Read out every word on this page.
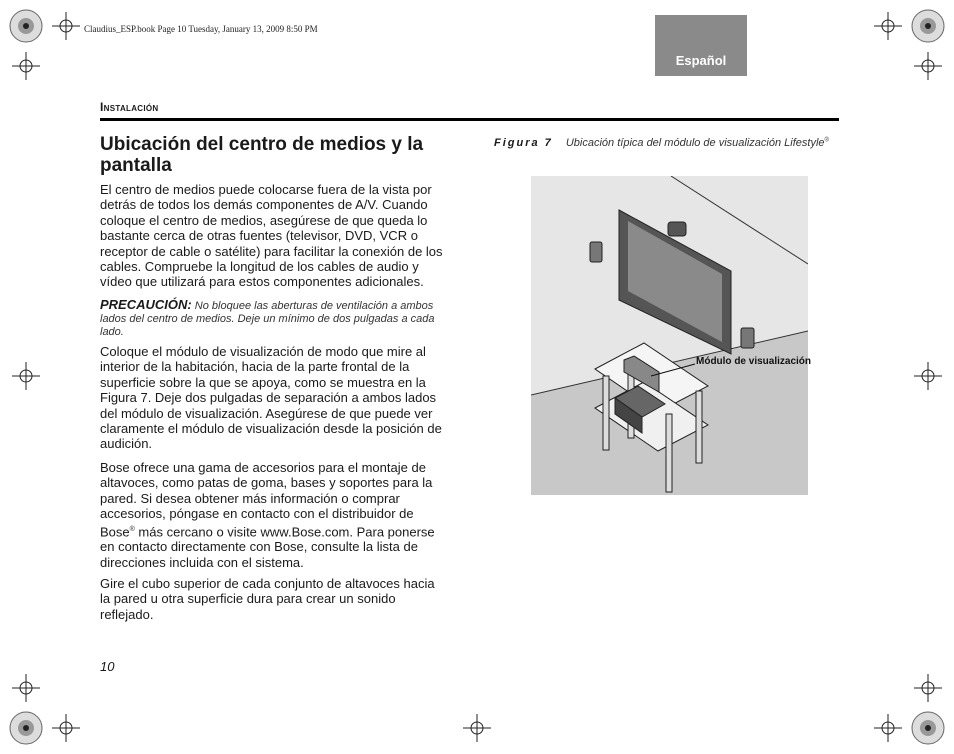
Claudius_ESP.book Page 10 Tuesday, January 13, 2009 8:50 PM
Español
Instalación
Ubicación del centro de medios y la pantalla

El centro de medios puede colocarse fuera de la vista por detrás de todos los demás componentes de A/V. Cuando coloque el centro de medios, asegúrese de que queda lo bastante cerca de otras fuentes (televisor, DVD, VCR o receptor de cable o satélite) para facilitar la conexión de los cables. Compruebe la longitud de los cables de audio y vídeo que utilizará para estos componentes adicionales.

PRECAUCIÓN: No bloquee las aberturas de ventilación a ambos lados del centro de medios. Deje un mínimo de dos pulgadas a cada lado.

Coloque el módulo de visualización de modo que mire al interior de la habitación, hacia de la parte frontal de la superficie sobre la que se apoya, como se muestra en la Figura 7. Deje dos pulgadas de separación a ambos lados del módulo de visualización. Asegúrese de que puede ver claramente el módulo de visualización desde la posición de audición.

Bose ofrece una gama de accesorios para el montaje de altavoces, como patas de goma, bases y soportes para la pared. Si desea obtener más información o comprar accesorios, póngase en contacto con el distribuidor de Bose® más cercano o visite www.Bose.com. Para ponerse en contacto directamente con Bose, consulte la lista de direcciones incluida con el sistema.

Gire el cubo superior de cada conjunto de altavoces hacia la pared u otra superficie dura para crear un sonido reflejado.

Figura 7 Ubicación típica del módulo de visualización Lifestyle®
Módulo de visualización
10
